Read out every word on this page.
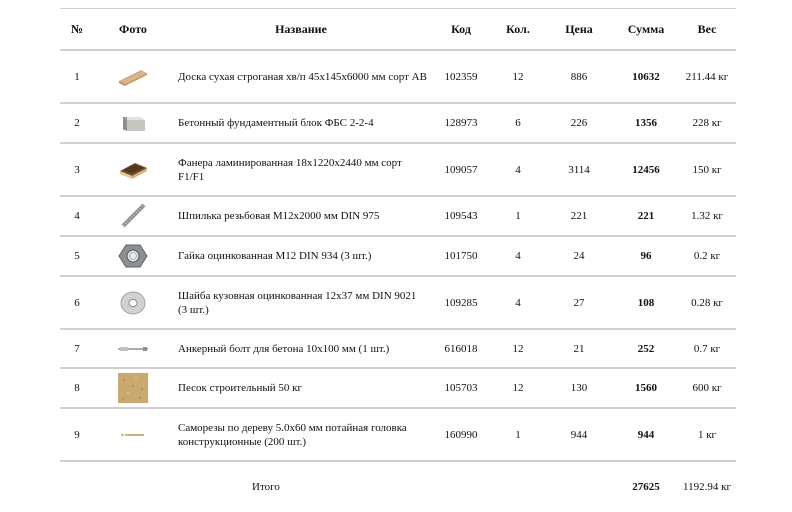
№	Фото	Название	Код	Кол.	Цена	Сумма	Вес
1		Доска сухая строганая хв/п 45х145х6000 мм сорт АВ	102359	12	886	10632	211.44 кг
2		Бетонный фундаментный блок ФБС 2-2-4	128973	6	226	1356	228 кг
3		Фанера ламинированная 18х1220х2440 мм сорт F1/F1	109057	4	3114	12456	150 кг
4		Шпилька резьбовая М12х2000 мм DIN 975	109543	1	221	221	1.32 кг
5		Гайка оцинкованная М12 DIN 934 (3 шт.)	101750	4	24	96	0.2 кг
6		Шайба кузовная оцинкованная 12х37 мм DIN 9021 (3 шт.)	109285	4	27	108	0.28 кг
7		Анкерный болт для бетона 10х100 мм (1 шт.)	616018	12	21	252	0.7 кг
8		Песок строительный 50 кг	105703	12	130	1560	600 кг
9		Саморезы по дереву 5.0х60 мм потайная головка конструкционные (200 шт.)	160990	1	944	944	1 кг
		Итого				27625	1192.94 кг
